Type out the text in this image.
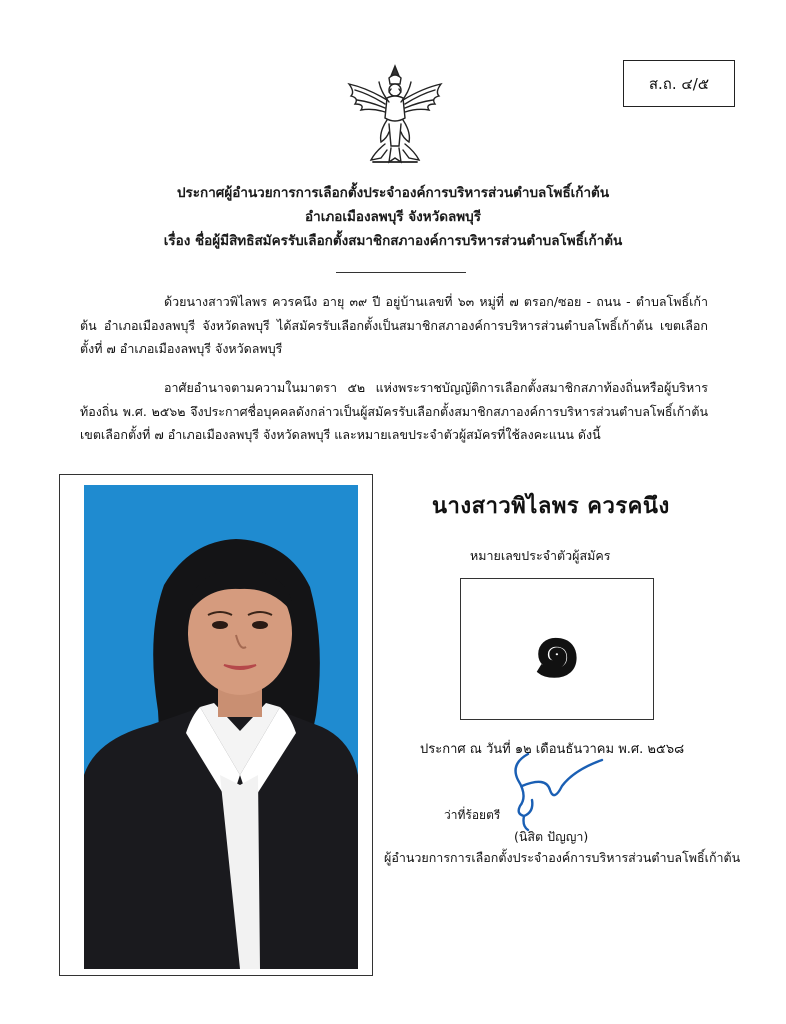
ส.ถ. ๔/๕
ประกาศผู้อำนวยการการเลือกตั้งประจำองค์การบริหารส่วนตำบลโพธิ์เก้าต้น
อำเภอเมืองลพบุรี จังหวัดลพบุรี
เรื่อง ชื่อผู้มีสิทธิสมัครรับเลือกตั้งสมาชิกสภาองค์การบริหารส่วนตำบลโพธิ์เก้าต้น

ด้วยนางสาวพิไลพร ควรคนึง อายุ ๓๙ ปี อยู่บ้านเลขที่ ๖๓ หมู่ที่ ๗ ตรอก/ซอย - ถนน - ตำบลโพธิ์เก้าต้น อำเภอเมืองลพบุรี จังหวัดลพบุรี ได้สมัครรับเลือกตั้งเป็นสมาชิกสภาองค์การบริหารส่วนตำบลโพธิ์เก้าต้น เขตเลือกตั้งที่ ๗ อำเภอเมืองลพบุรี จังหวัดลพบุรี

อาศัยอำนาจตามความในมาตรา ๕๒ แห่งพระราชบัญญัติการเลือกตั้งสมาชิกสภาท้องถิ่นหรือผู้บริหารท้องถิ่น พ.ศ. ๒๕๖๒ จึงประกาศชื่อบุคคลดังกล่าวเป็นผู้สมัครรับเลือกตั้งสมาชิกสภาองค์การบริหารส่วนตำบลโพธิ์เก้าต้น เขตเลือกตั้งที่ ๗ อำเภอเมืองลพบุรี จังหวัดลพบุรี และหมายเลขประจำตัวผู้สมัครที่ใช้ลงคะแนน ดังนี้

นางสาวพิไลพร ควรคนึง
หมายเลขประจำตัวผู้สมัคร
๑
ประกาศ ณ วันที่ ๑๒ เดือนธันวาคม พ.ศ. ๒๕๖๘
ว่าที่ร้อยตรี
(นิสิต ปัญญา)
ผู้อำนวยการการเลือกตั้งประจำองค์การบริหารส่วนตำบลโพธิ์เก้าต้น
